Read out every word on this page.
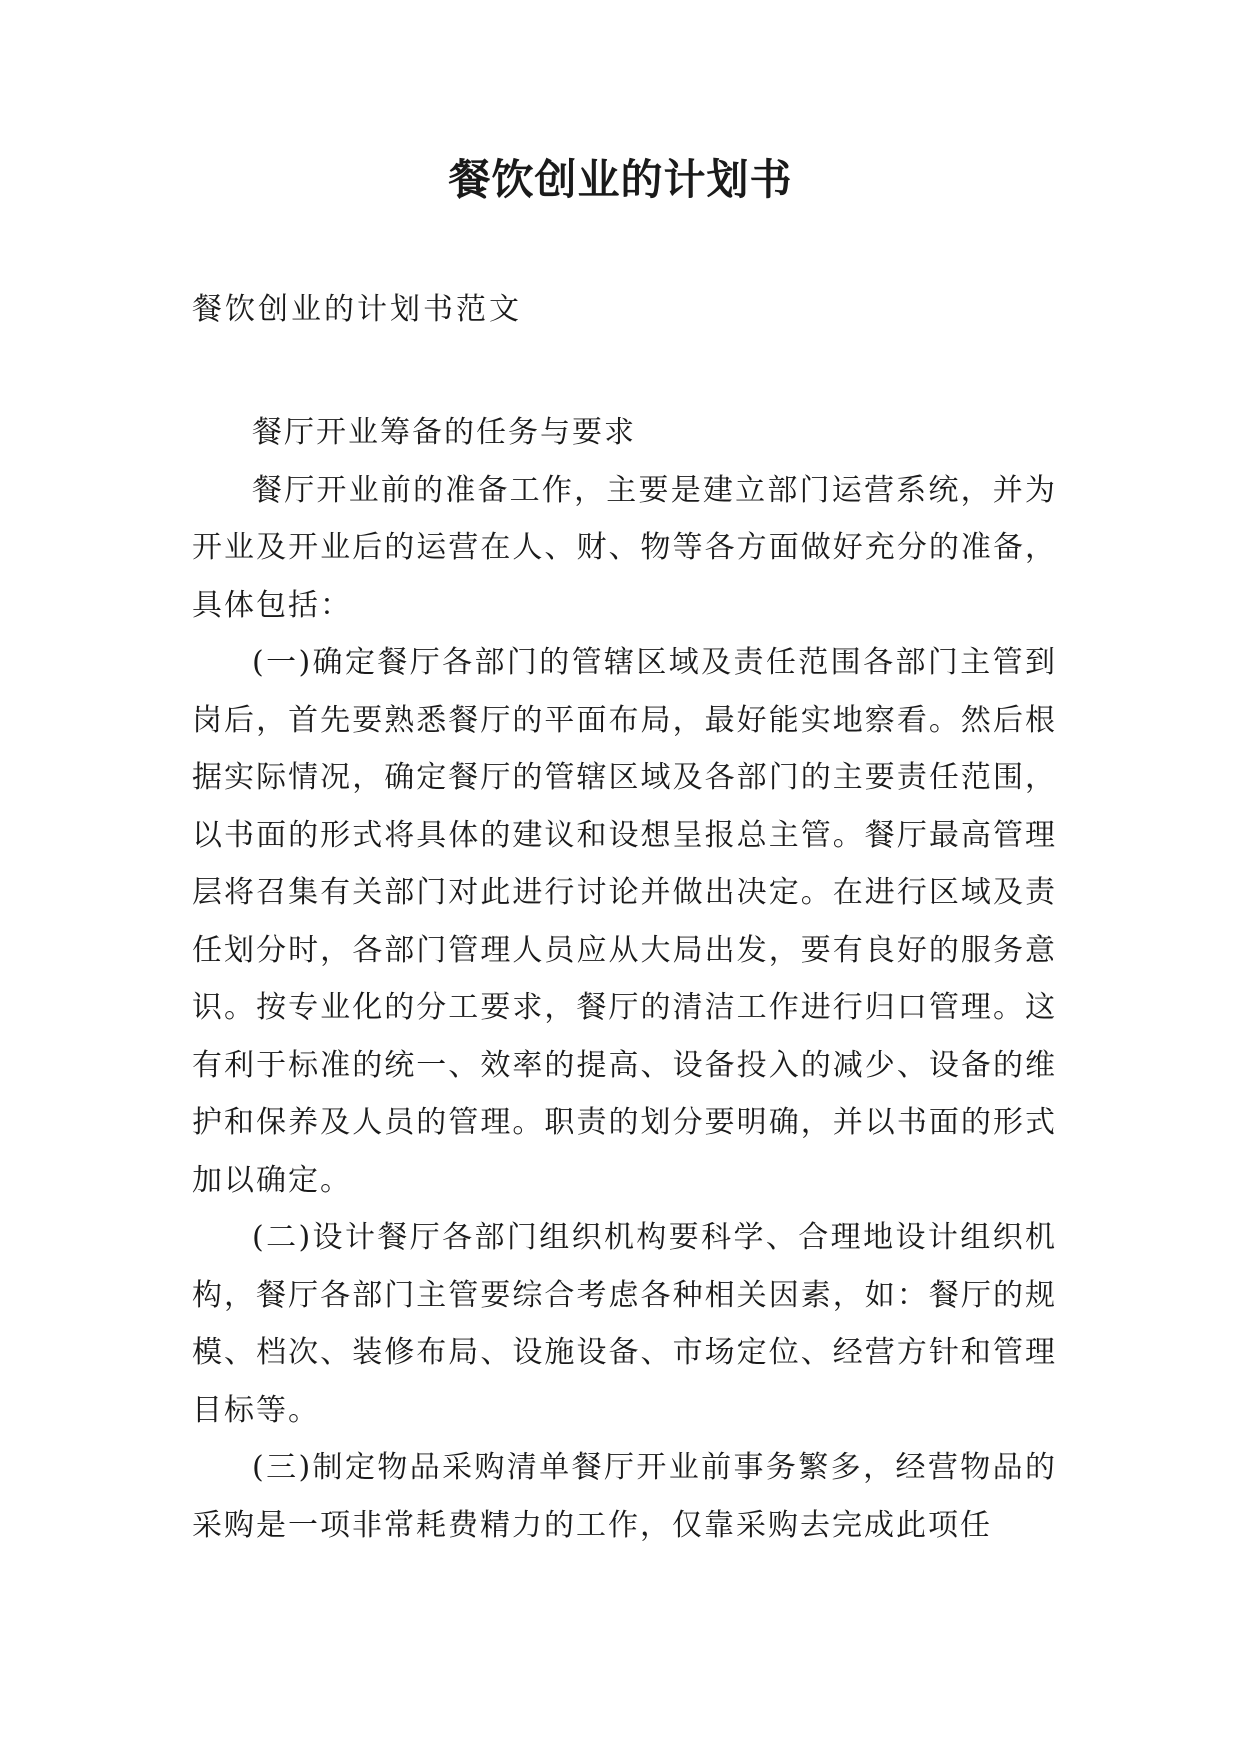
餐饮创业的计划书
餐饮创业的计划书范文

餐厅开业筹备的任务与要求

餐厅开业前的准备工作，主要是建立部门运营系统，并为开业及开业后的运营在人、财、物等各方面做好充分的准备，具体包括：

(一)确定餐厅各部门的管辖区域及责任范围各部门主管到岗后，首先要熟悉餐厅的平面布局，最好能实地察看。然后根据实际情况，确定餐厅的管辖区域及各部门的主要责任范围，以书面的形式将具体的建议和设想呈报总主管。餐厅最高管理层将召集有关部门对此进行讨论并做出决定。在进行区域及责任划分时，各部门管理人员应从大局出发，要有良好的服务意识。按专业化的分工要求，餐厅的清洁工作进行归口管理。这有利于标准的统一、效率的提高、设备投入的减少、设备的维护和保养及人员的管理。职责的划分要明确，并以书面的形式加以确定。

(二)设计餐厅各部门组织机构要科学、合理地设计组织机构，餐厅各部门主管要综合考虑各种相关因素，如：餐厅的规模、档次、装修布局、设施设备、市场定位、经营方针和管理目标等。

(三)制定物品采购清单餐厅开业前事务繁多，经营物品的采购是一项非常耗费精力的工作，仅靠采购去完成此项任
